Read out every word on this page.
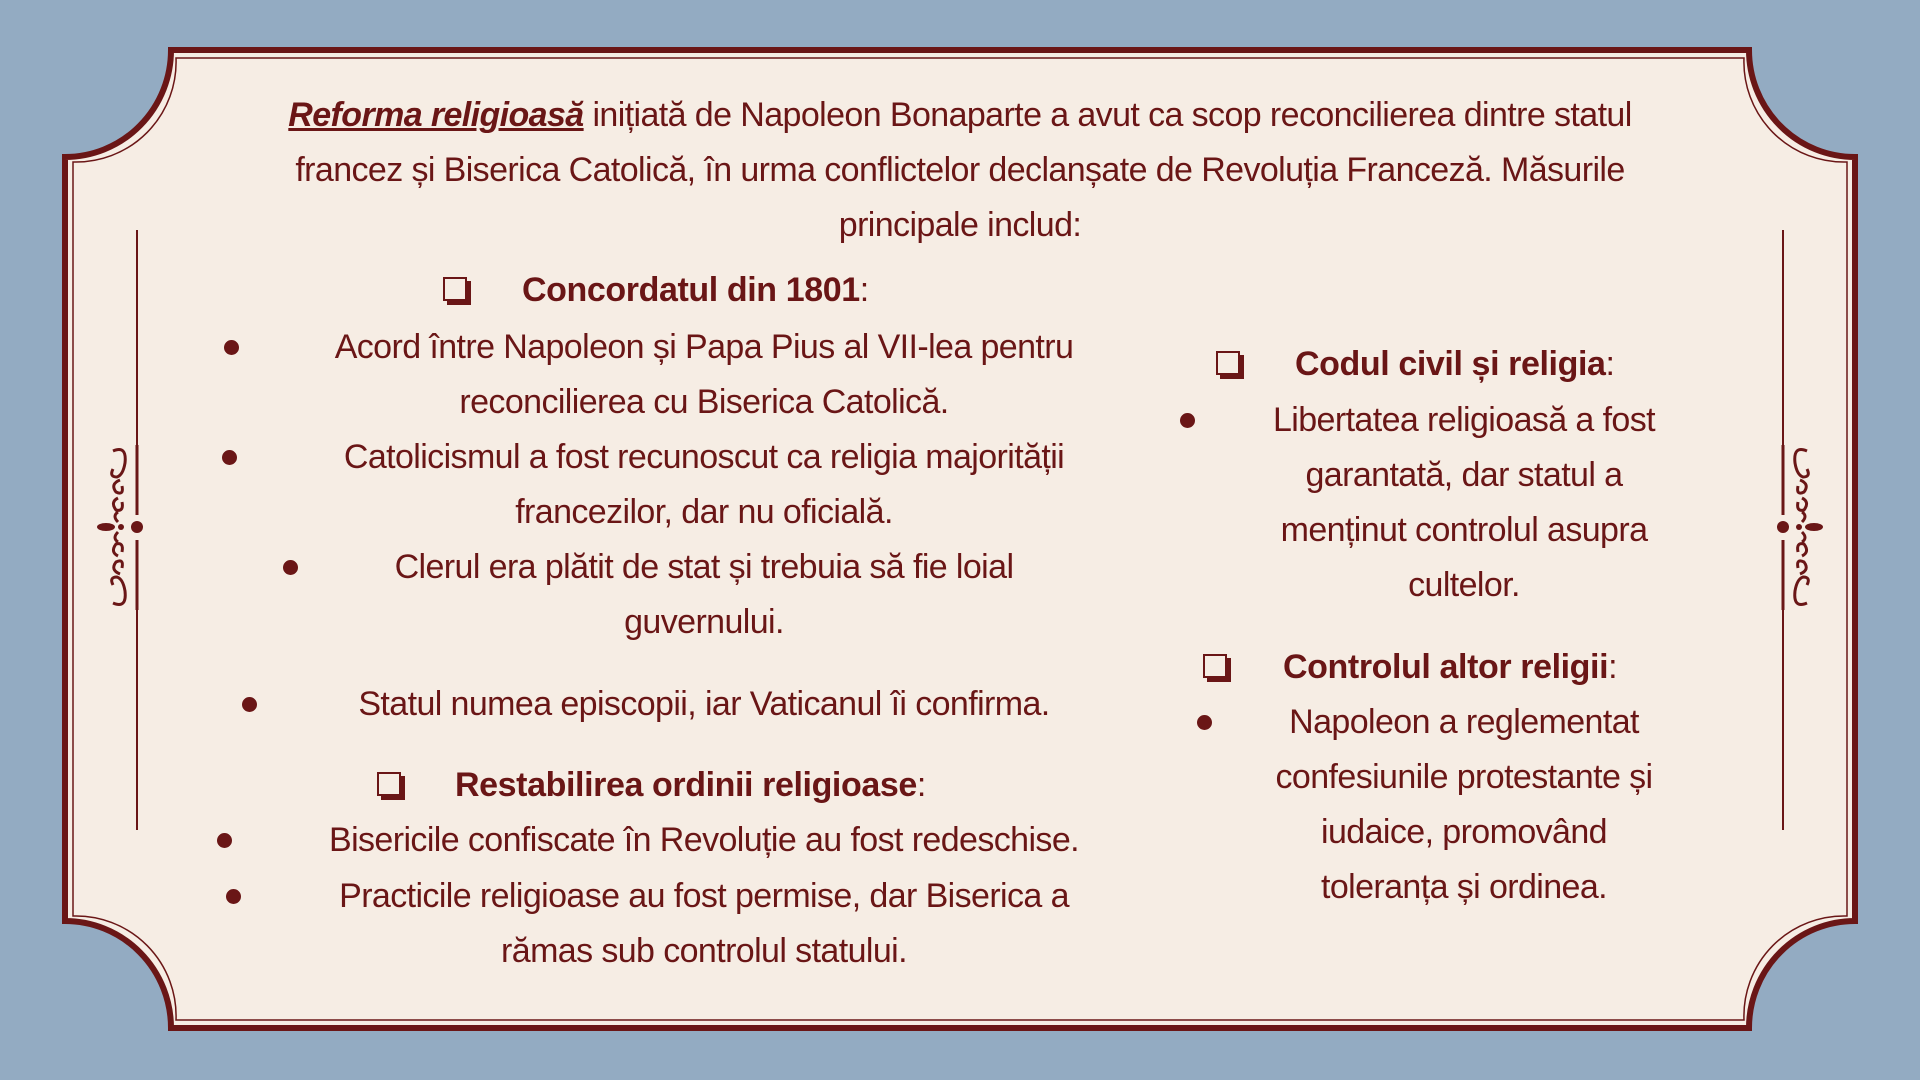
Reforma religioasă inițiată de Napoleon Bonaparte a avut ca scop reconcilierea dintre statul
francez și Biserica Catolică, în urma conflictelor declanșate de Revoluția Franceză. Măsurile
principale includ:
Concordatul din 1801:
Acord între Napoleon și Papa Pius al VII-lea pentru
reconcilierea cu Biserica Catolică.
Catolicismul a fost recunoscut ca religia majorității
francezilor, dar nu oficială.
Clerul era plătit de stat și trebuia să fie loial
guvernului.
Statul numea episcopii, iar Vaticanul îi confirma.
Restabilirea ordinii religioase:
Bisericile confiscate în Revoluție au fost redeschise.
Practicile religioase au fost permise, dar Biserica a
rămas sub controlul statului.
Codul civil și religia:
Libertatea religioasă a fost
garantată, dar statul a
menținut controlul asupra
cultelor.
Controlul altor religii:
Napoleon a reglementat
confesiunile protestante și
iudaice, promovând
toleranța și ordinea.
